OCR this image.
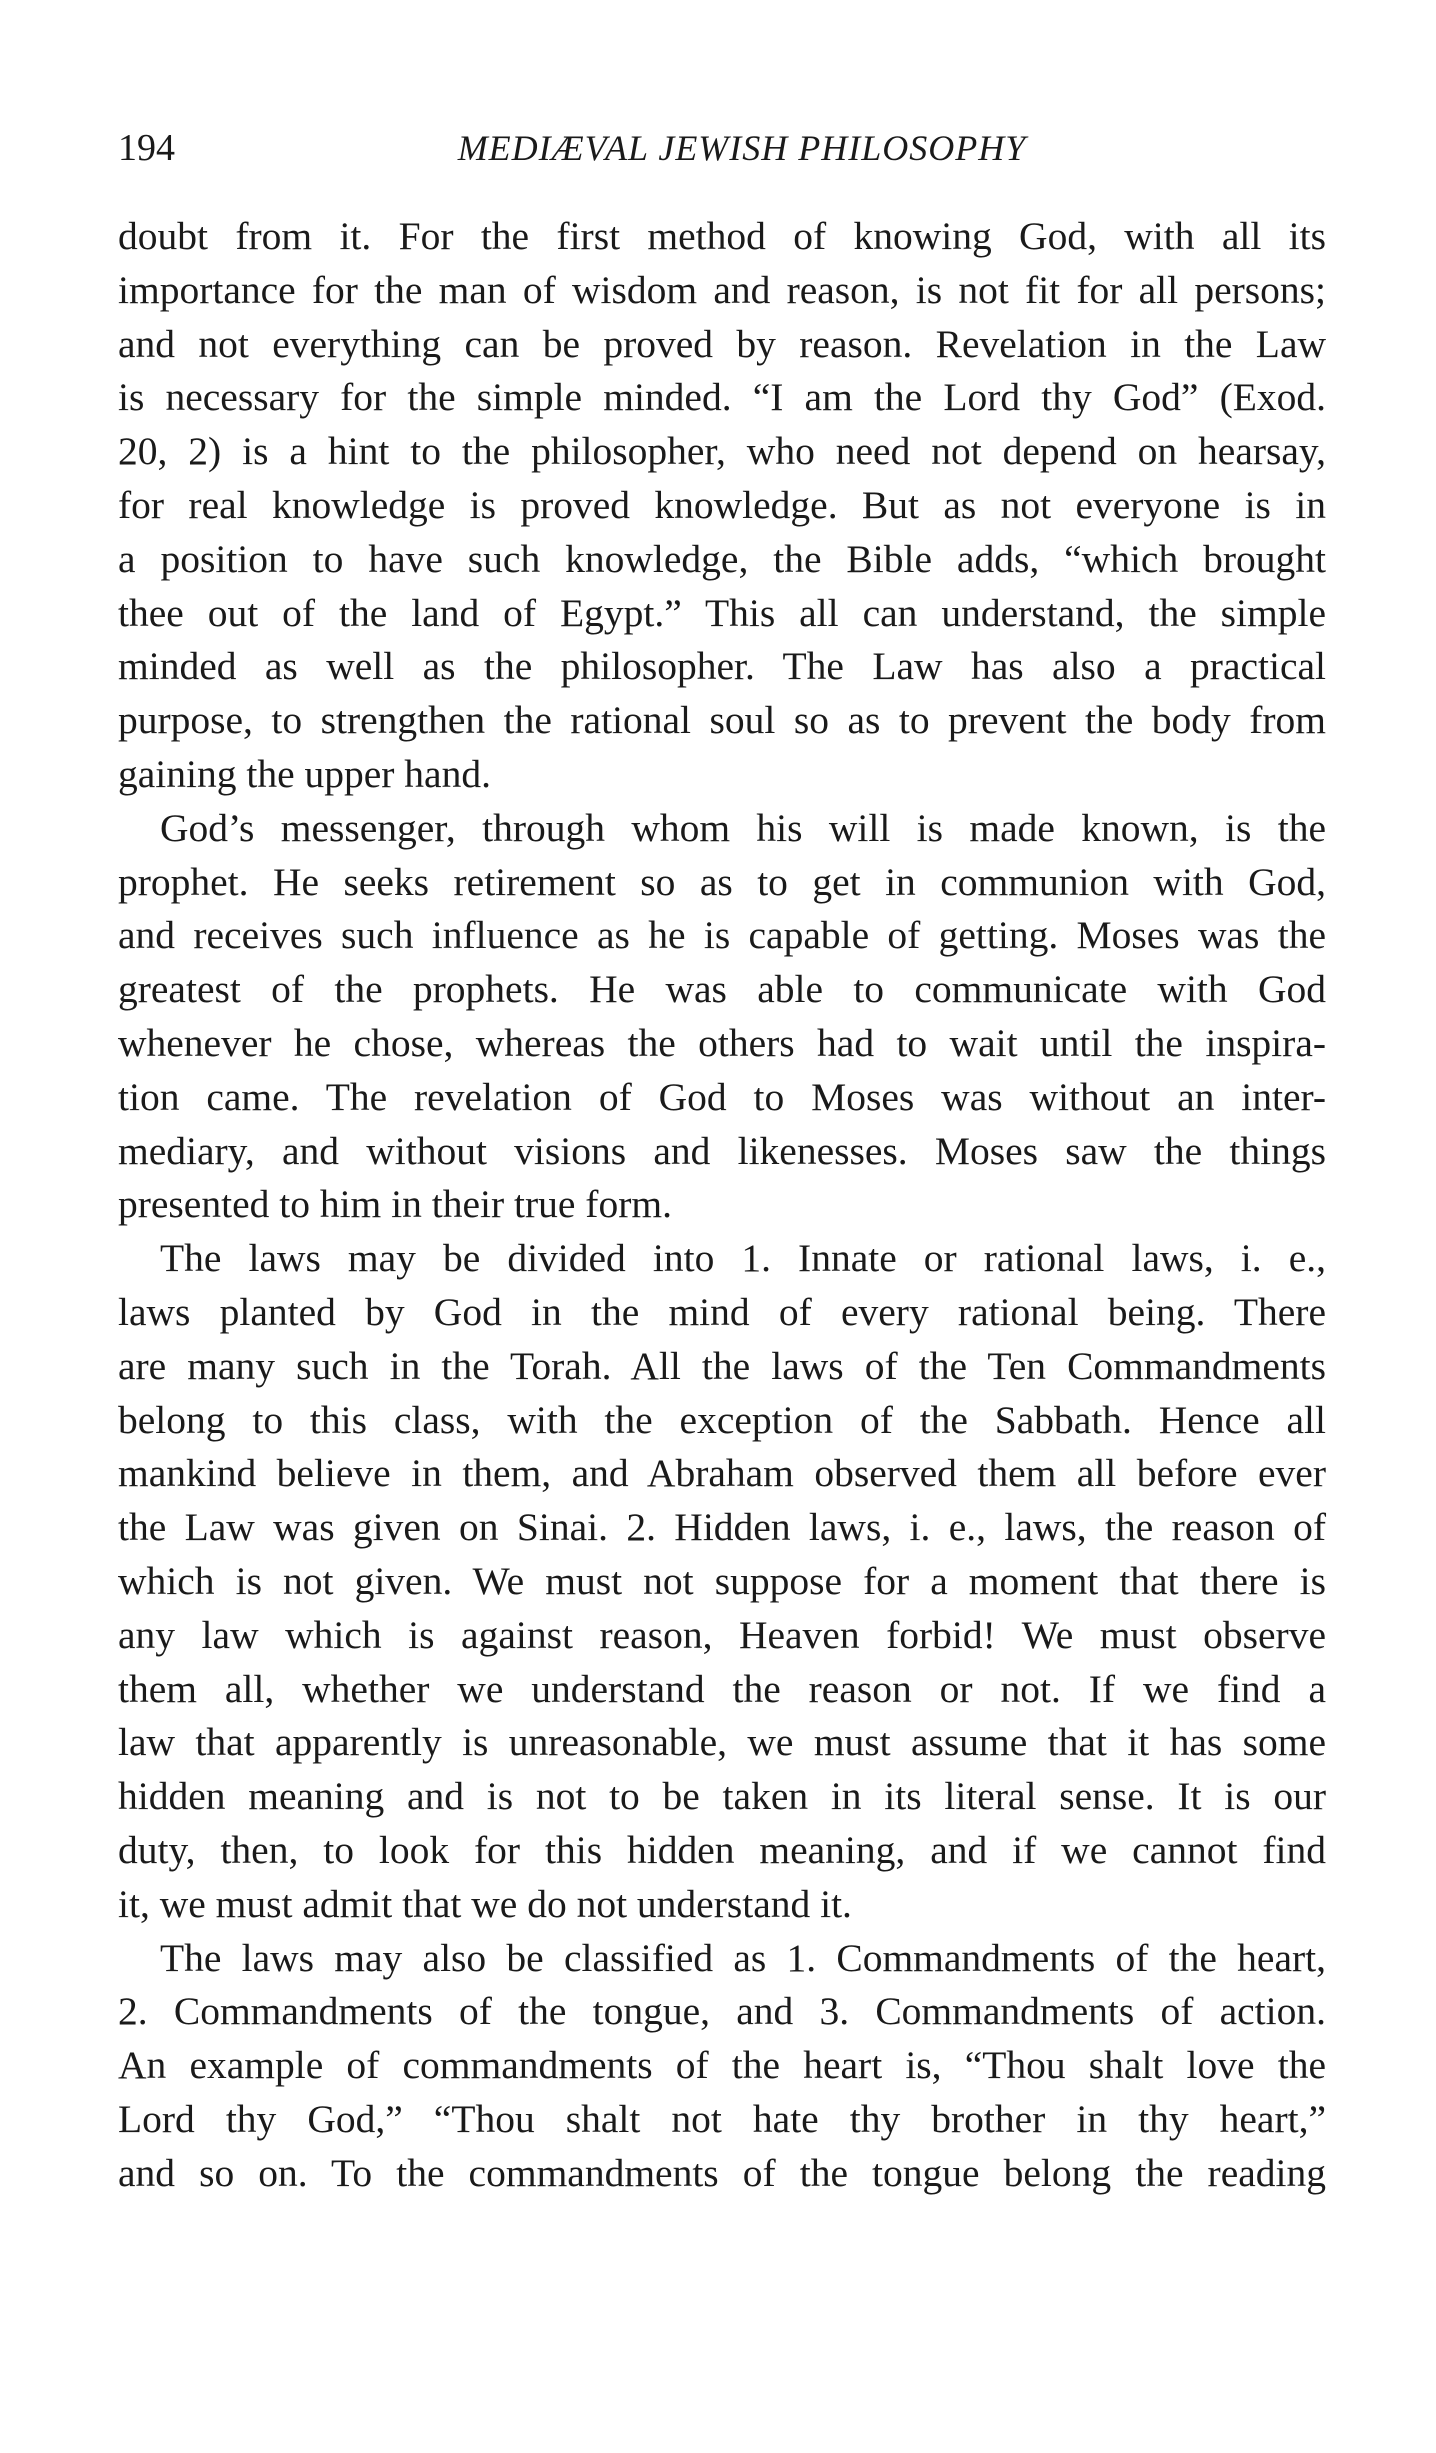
194	MEDIÆVAL JEWISH PHILOSOPHY
doubt from it. For the first method of knowing God, with all its
importance for the man of wisdom and reason, is not fit for all persons;
and not everything can be proved by reason. Revelation in the Law
is necessary for the simple minded. “I am the Lord thy God” (Exod.
20, 2) is a hint to the philosopher, who need not depend on hearsay,
for real knowledge is proved knowledge. But as not everyone is in
a position to have such knowledge, the Bible adds, “which brought
thee out of the land of Egypt.” This all can understand, the simple
minded as well as the philosopher. The Law has also a practical
purpose, to strengthen the rational soul so as to prevent the body from
gaining the upper hand.
God’s messenger, through whom his will is made known, is the
prophet. He seeks retirement so as to get in communion with God,
and receives such influence as he is capable of getting. Moses was the
greatest of the prophets. He was able to communicate with God
whenever he chose, whereas the others had to wait until the inspira-
tion came. The revelation of God to Moses was without an inter-
mediary, and without visions and likenesses. Moses saw the things
presented to him in their true form.
The laws may be divided into 1. Innate or rational laws, i. e.,
laws planted by God in the mind of every rational being. There
are many such in the Torah. All the laws of the Ten Commandments
belong to this class, with the exception of the Sabbath. Hence all
mankind believe in them, and Abraham observed them all before ever
the Law was given on Sinai. 2. Hidden laws, i. e., laws, the reason of
which is not given. We must not suppose for a moment that there is
any law which is against reason, Heaven forbid! We must observe
them all, whether we understand the reason or not. If we find a
law that apparently is unreasonable, we must assume that it has some
hidden meaning and is not to be taken in its literal sense. It is our
duty, then, to look for this hidden meaning, and if we cannot find
it, we must admit that we do not understand it.
The laws may also be classified as 1. Commandments of the heart,
2. Commandments of the tongue, and 3. Commandments of action.
An example of commandments of the heart is, “Thou shalt love the
Lord thy God,” “Thou shalt not hate thy brother in thy heart,”
and so on. To the commandments of the tongue belong the reading
